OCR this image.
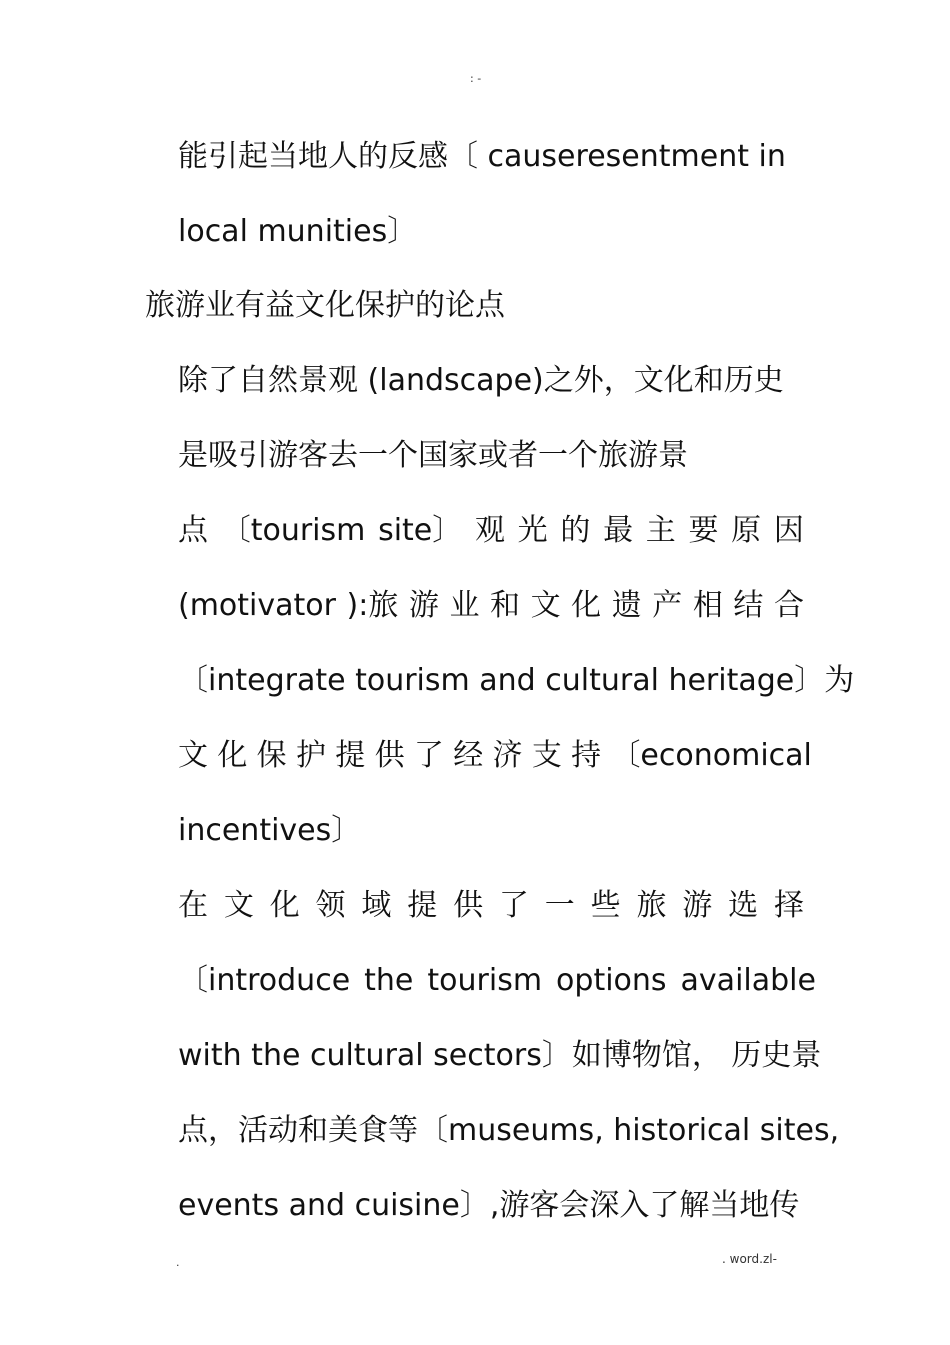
: -
能引起当地人的反感〔 causeresentment in
local munities〕
旅游业有益文化保护的论点
除了自然景观 (landscape)之外，文化和历史
是吸引游客去一个国家或者一个旅游景
点 〔tourism site〕 观 光 的 最 主 要 原 因
(motivator ):旅 游 业 和 文 化 遗 产 相 结 合
〔integrate tourism and cultural heritage〕为
文 化 保 护 提 供 了 经 济 支 持 〔economical
incentives〕
在 文 化 领 域 提 供 了 一 些 旅 游 选 择
〔introduce the tourism options available
with the cultural sectors〕如博物馆， 历史景
点，活动和美食等〔museums, historical sites,
events and cuisine〕,游客会深入了解当地传
.	. word.zl-
